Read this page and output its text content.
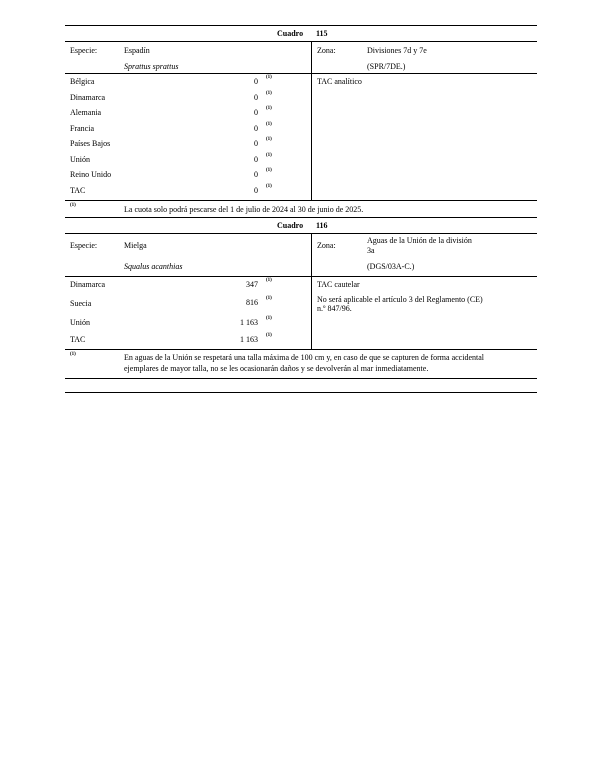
Cuadro 115
Especie:	Espadín
Sprattus sprattus
Zona:	Divisiones 7d y 7e
(SPR/7DE.)
TAC analítico
Bélgica	0 (1)
Dinamarca	0 (1)
Alemania	0 (1)
Francia	0 (1)
Países Bajos	0 (1)
Unión	0 (1)
Reino Unido	0 (1)
TAC	0 (1)
(1)	La cuota solo podrá pescarse del 1 de julio de 2024 al 30 de junio de 2025.
Cuadro 116
Especie:	Mielga
Squalus acanthias
Zona:
Aguas de la Unión de la división
3a
(DGS/03A-C.)
TAC cautelar
No será aplicable el artículo 3 del Reglamento (CE)
n.º 847/96.
Dinamarca	347 (1)
Suecia	816 (1)
Unión	1 163 (1)
TAC	1 163 (1)
(1)	En aguas de la Unión se respetará una talla máxima de 100 cm y, en caso de que se capturen de forma accidental
ejemplares de mayor talla, no se les ocasionarán daños y se devolverán al mar inmediatamente.
